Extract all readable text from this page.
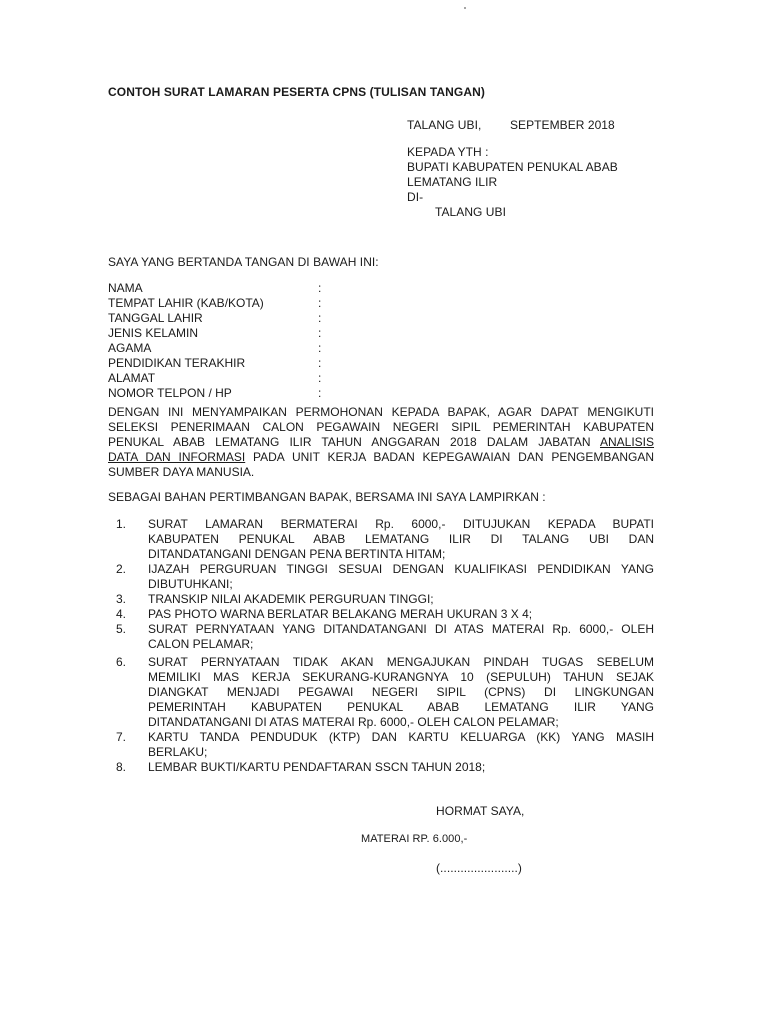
CONTOH SURAT LAMARAN PESERTA CPNS (TULISAN TANGAN)
TALANG UBI, SEPTEMBER 2018
KEPADA YTH :
BUPATI KABUPATEN PENUKAL ABAB
LEMATANG ILIR
DI-
TALANG UBI
SAYA YANG BERTANDA TANGAN DI BAWAH INI:
NAMA	:
TEMPAT LAHIR (KAB/KOTA)	:
TANGGAL LAHIR	:
JENIS KELAMIN	:
AGAMA	:
PENDIDIKAN TERAKHIR	:
ALAMAT	:
NOMOR TELPON / HP	:
DENGAN INI MENYAMPAIKAN PERMOHONAN KEPADA BAPAK, AGAR DAPAT MENGIKUTI
SELEKSI PENERIMAAN CALON PEGAWAIN NEGERI SIPIL PEMERINTAH KABUPATEN
PENUKAL ABAB LEMATANG ILIR TAHUN ANGGARAN 2018 DALAM JABATAN ANALISIS
DATA DAN INFORMASI PADA UNIT KERJA BADAN KEPEGAWAIAN DAN PENGEMBANGAN
SUMBER DAYA MANUSIA.
SEBAGAI BAHAN PERTIMBANGAN BAPAK, BERSAMA INI SAYA LAMPIRKAN :
1.	SURAT LAMARAN BERMATERAI Rp. 6000,- DITUJUKAN KEPADA BUPATI
KABUPATEN PENUKAL ABAB LEMATANG ILIR DI TALANG UBI DAN
DITANDATANGANI DENGAN PENA BERTINTA HITAM;
2.	IJAZAH PERGURUAN TINGGI SESUAI DENGAN KUALIFIKASI PENDIDIKAN YANG
DIBUTUHKANI;
3.	TRANSKIP NILAI AKADEMIK PERGURUAN TINGGI;
4.	PAS PHOTO WARNA BERLATAR BELAKANG MERAH UKURAN 3 X 4;
5.	SURAT PERNYATAAN YANG DITANDATANGANI DI ATAS MATERAI Rp. 6000,- OLEH
CALON PELAMAR;
6.	SURAT PERNYATAAN TIDAK AKAN MENGAJUKAN PINDAH TUGAS SEBELUM
MEMILIKI MAS KERJA SEKURANG-KURANGNYA 10 (SEPULUH) TAHUN SEJAK
DIANGKAT MENJADI PEGAWAI NEGERI SIPIL (CPNS) DI LINGKUNGAN
PEMERINTAH KABUPATEN PENUKAL ABAB LEMATANG ILIR YANG
DITANDATANGANI DI ATAS MATERAI Rp. 6000,- OLEH CALON PELAMAR;
7.	KARTU TANDA PENDUDUK (KTP) DAN KARTU KELUARGA (KK) YANG MASIH
BERLAKU;
8.	LEMBAR BUKTI/KARTU PENDAFTARAN SSCN TAHUN 2018;
HORMAT SAYA,
MATERAI RP. 6.000,-
(.......................)
